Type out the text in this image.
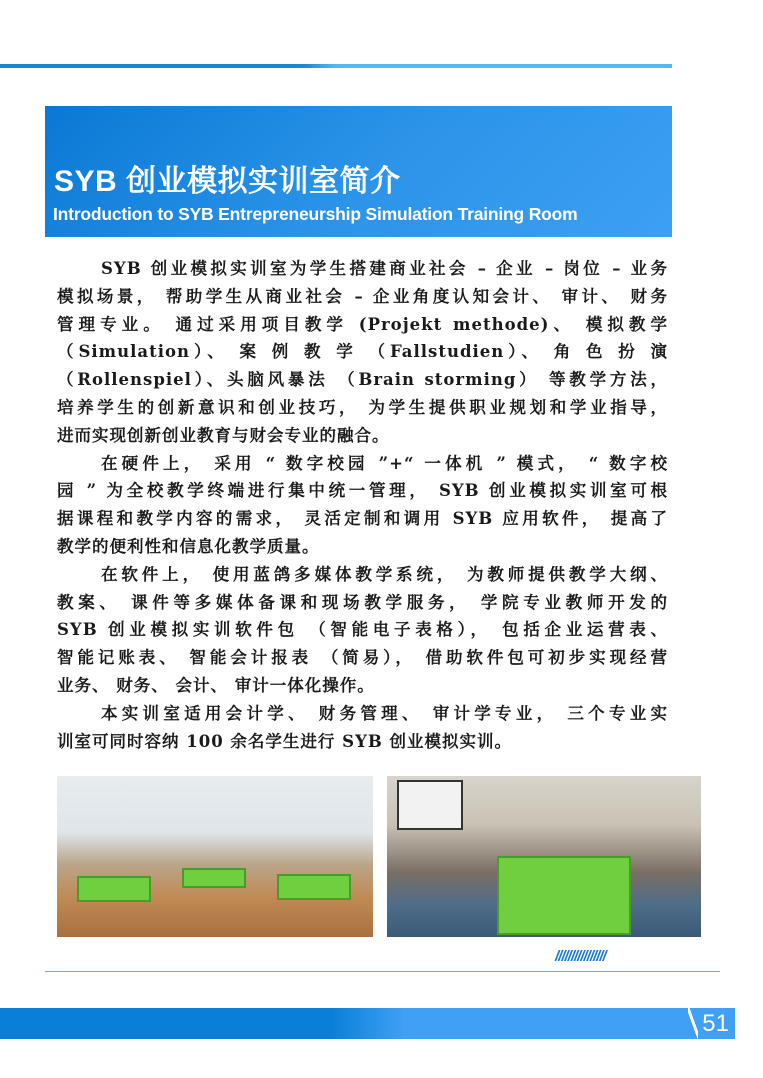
SYB 创业模拟实训室简介
Introduction to SYB Entrepreneurship Simulation Training Room
SYB 创业模拟实训室为学生搭建商业社会 – 企业 – 岗位 – 业务
模拟场景， 帮助学生从商业社会 – 企业角度认知会计、 审计、 财务
管理专业。 通过采用项目教学 (Projekt methode)、 模拟教学
（Simulation）、 案 例 教 学 （Fallstudien）、 角 色 扮 演
（Rollenspiel）、头脑风暴法 （Brain storming） 等教学方法，
培养学生的创新意识和创业技巧， 为学生提供职业规划和学业指导，
进而实现创新创业教育与财会专业的融合。
在硬件上， 采用 “ 数字校园 ”+“ 一体机 ” 模式， “ 数字校
园 ” 为全校教学终端进行集中统一管理， SYB 创业模拟实训室可根
据课程和教学内容的需求， 灵活定制和调用 SYB 应用软件， 提高了
教学的便利性和信息化教学质量。
在软件上， 使用蓝鸽多媒体教学系统， 为教师提供教学大纲、
教案、 课件等多媒体备课和现场教学服务， 学院专业教师开发的
SYB 创业模拟实训软件包 （智能电子表格）， 包括企业运营表、
智能记账表、 智能会计报表 （简易）， 借助软件包可初步实现经营
业务、 财务、 会计、 审计一体化操作。
本实训室适用会计学、 财务管理、 审计学专业， 三个专业实
训室可同时容纳 100 余名学生进行 SYB 创业模拟实训。
////////////////
51
